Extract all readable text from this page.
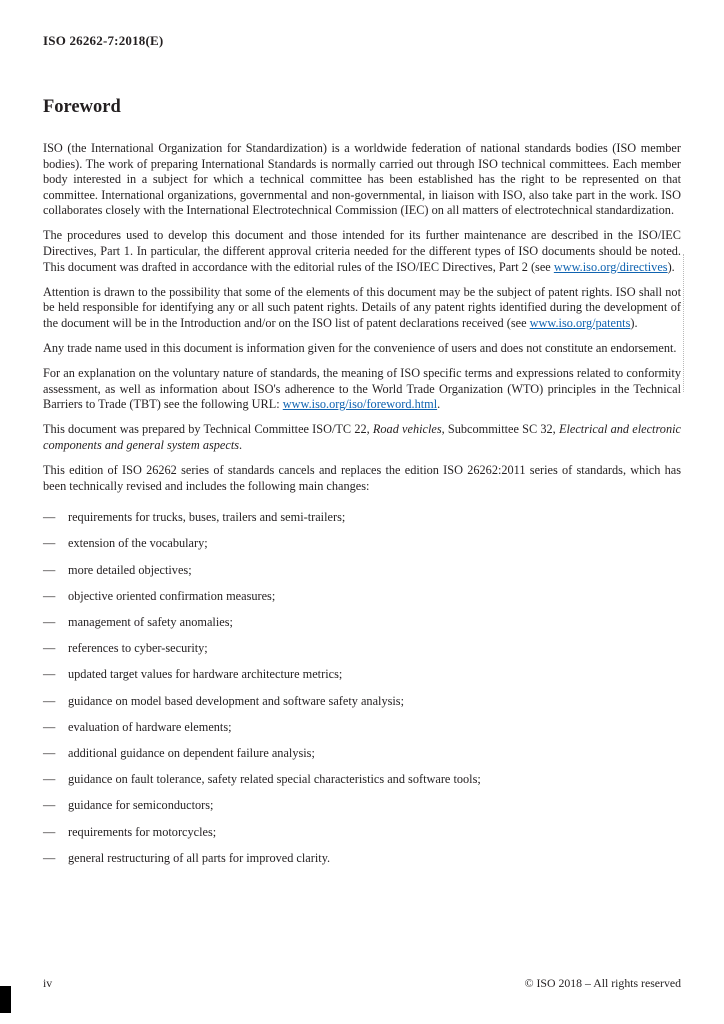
ISO 26262-7:2018(E)
Foreword

ISO (the International Organization for Standardization) is a worldwide federation of national standards bodies (ISO member bodies). The work of preparing International Standards is normally carried out through ISO technical committees. Each member body interested in a subject for which a technical committee has been established has the right to be represented on that committee. International organizations, governmental and non-governmental, in liaison with ISO, also take part in the work. ISO collaborates closely with the International Electrotechnical Commission (IEC) on all matters of electrotechnical standardization.

The procedures used to develop this document and those intended for its further maintenance are described in the ISO/IEC Directives, Part 1. In particular, the different approval criteria needed for the different types of ISO documents should be noted. This document was drafted in accordance with the editorial rules of the ISO/IEC Directives, Part 2 (see www.iso.org/directives).

Attention is drawn to the possibility that some of the elements of this document may be the subject of patent rights. ISO shall not be held responsible for identifying any or all such patent rights. Details of any patent rights identified during the development of the document will be in the Introduction and/or on the ISO list of patent declarations received (see www.iso.org/patents).

Any trade name used in this document is information given for the convenience of users and does not constitute an endorsement.

For an explanation on the voluntary nature of standards, the meaning of ISO specific terms and expressions related to conformity assessment, as well as information about ISO's adherence to the World Trade Organization (WTO) principles in the Technical Barriers to Trade (TBT) see the following URL: www.iso.org/iso/foreword.html.

This document was prepared by Technical Committee ISO/TC 22, Road vehicles, Subcommittee SC 32, Electrical and electronic components and general system aspects.

This edition of ISO 26262 series of standards cancels and replaces the edition ISO 26262:2011 series of standards, which has been technically revised and includes the following main changes:

—	requirements for trucks, buses, trailers and semi-trailers;
—	extension of the vocabulary;
—	more detailed objectives;
—	objective oriented confirmation measures;
—	management of safety anomalies;
—	references to cyber-security;
—	updated target values for hardware architecture metrics;
—	guidance on model based development and software safety analysis;
—	evaluation of hardware elements;
—	additional guidance on dependent failure analysis;
—	guidance on fault tolerance, safety related special characteristics and software tools;
—	guidance for semiconductors;
—	requirements for motorcycles;
—	general restructuring of all parts for improved clarity.
iv	© ISO 2018 – All rights reserved
